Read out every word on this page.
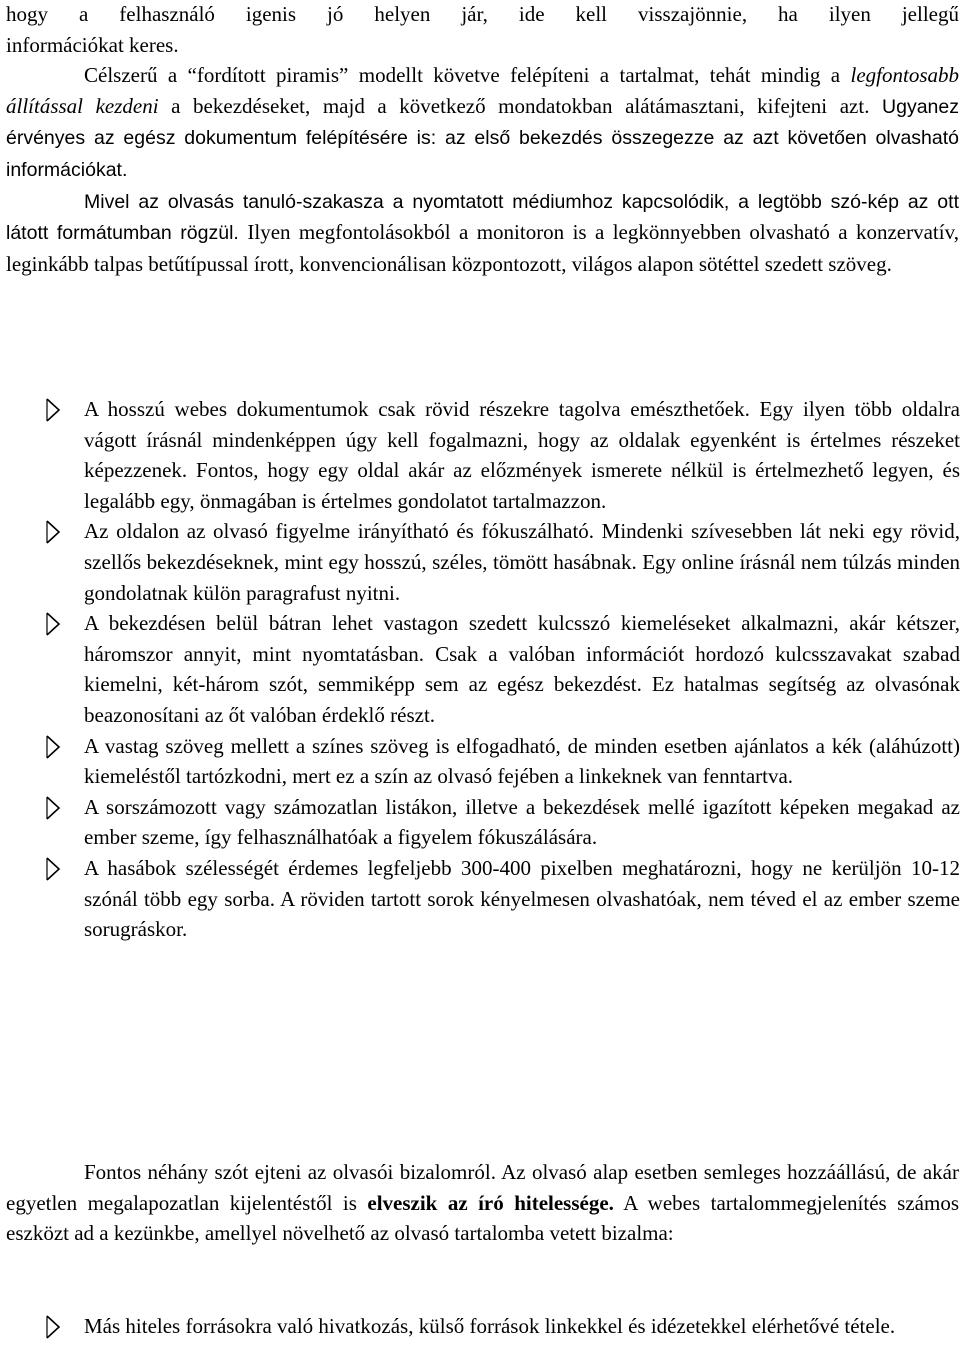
hogy a felhasználó igenis jó helyen jár, ide kell visszajönnie, ha ilyen jellegű

információkat keres.

Célszerű a “fordított piramis” modellt követve felépíteni a tartalmat, tehát mindig a legfontosabb állítással kezdeni a bekezdéseket, majd a következő mondatokban alátámasztani, kifejteni azt. Ugyanez érvényes az egész dokumentum felépítésére is: az első bekezdés összegezze az azt követően olvasható információkat.

Mivel az olvasás tanuló-szakasza a nyomtatott médiumhoz kapcsolódik, a legtöbb szó-kép az ott látott formátumban rögzül. Ilyen megfontolásokból a monitoron is a legkönnyebben olvasható a konzervatív, leginkább talpas betűtípussal írott, konvencionálisan központozott, világos alapon sötéttel szedett szöveg.

A hosszú webes dokumentumok csak rövid részekre tagolva emészthetőek. Egy ilyen több oldalra vágott írásnál mindenképpen úgy kell fogalmazni, hogy az oldalak egyenként is értelmes részeket képezzenek. Fontos, hogy egy oldal akár az előzmények ismerete nélkül is értelmezhető legyen, és legalább egy, önmagában is értelmes gondolatot tartalmazzon.

Az oldalon az olvasó figyelme irányítható és fókuszálható. Mindenki szívesebben lát neki egy rövid, szellős bekezdéseknek, mint egy hosszú, széles, tömött hasábnak. Egy online írásnál nem túlzás minden gondolatnak külön paragrafust nyitni.

A bekezdésen belül bátran lehet vastagon szedett kulcsszó kiemeléseket alkalmazni, akár kétszer, háromszor annyit, mint nyomtatásban. Csak a valóban információt hordozó kulcsszavakat szabad kiemelni, két-három szót, semmiképp sem az egész bekezdést. Ez hatalmas segítség az olvasónak beazonosítani az őt valóban érdeklő részt.

A vastag szöveg mellett a színes szöveg is elfogadható, de minden esetben ajánlatos a kék (aláhúzott) kiemeléstől tartózkodni, mert ez a szín az olvasó fejében a linkeknek van fenntartva.

A sorszámozott vagy számozatlan listákon, illetve a bekezdések mellé igazított képeken megakad az ember szeme, így felhasználhatóak a figyelem fókuszálására.

A hasábok szélességét érdemes legfeljebb 300-400 pixelben meghatározni, hogy ne kerüljön 10-12 szónál több egy sorba. A röviden tartott sorok kényelmesen olvashatóak, nem téved el az ember szeme sorugráskor.

Fontos néhány szót ejteni az olvasói bizalomról. Az olvasó alap esetben semleges hozzáállású, de akár egyetlen megalapozatlan kijelentéstől is elveszik az író hitelessége. A webes tartalommegjelenítés számos eszközt ad a kezünkbe, amellyel növelhető az olvasó tartalomba vetett bizalma:

Más hiteles forrásokra való hivatkozás, külső források linkekkel és idézetekkel elérhetővé tétele.
